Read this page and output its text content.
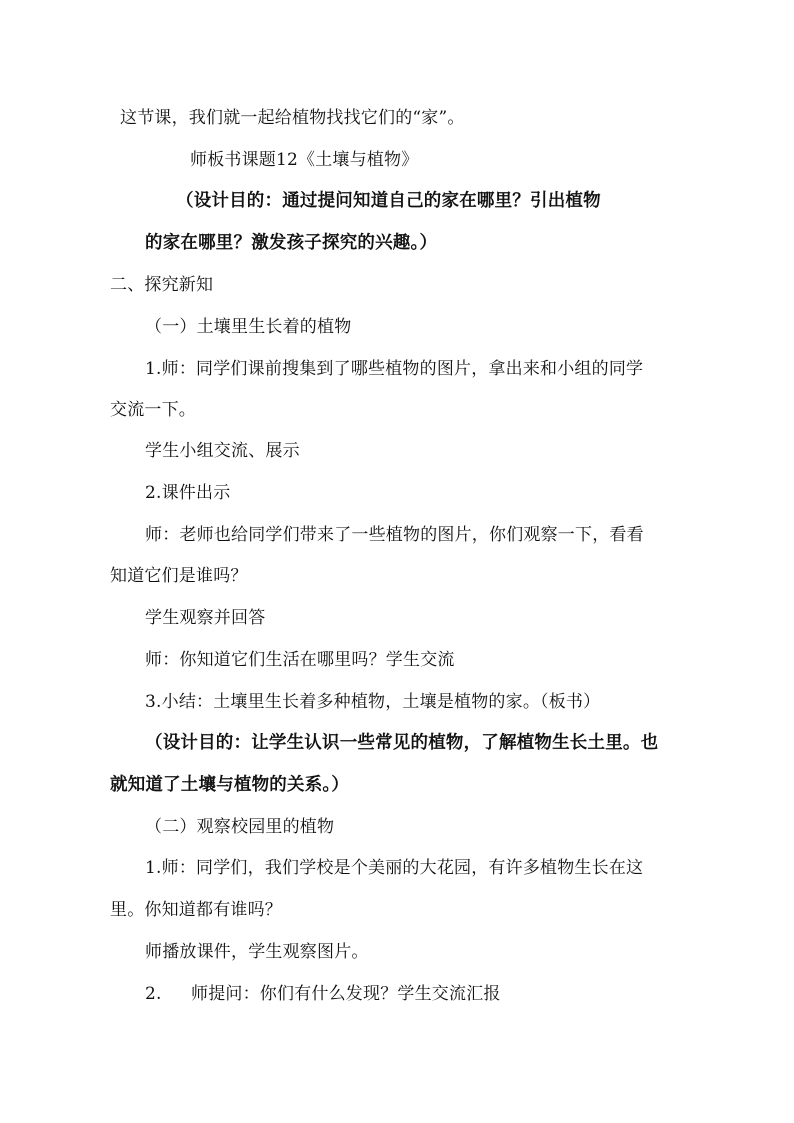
这节课，我们就一起给植物找找它们的“家”。
师板书课题12《土壤与植物》
（设计目的：通过提问知道自己的家在哪里？引出植物
的家在哪里？激发孩子探究的兴趣。）
二、探究新知
（一）土壤里生长着的植物
1.师：同学们课前搜集到了哪些植物的图片，拿出来和小组的同学
交流一下。
学生小组交流、展示
2.课件出示
师：老师也给同学们带来了一些植物的图片，你们观察一下，看看
知道它们是谁吗？
学生观察并回答
师：你知道它们生活在哪里吗？学生交流
3.小结：土壤里生长着多种植物，土壤是植物的家。（板书）
（设计目的：让学生认识一些常见的植物，了解植物生长土里。也
就知道了土壤与植物的关系。）
（二）观察校园里的植物
1.师：同学们，我们学校是个美丽的大花园，有许多植物生长在这
里。你知道都有谁吗？
师播放课件，学生观察图片。
2. 师提问：你们有什么发现？学生交流汇报
